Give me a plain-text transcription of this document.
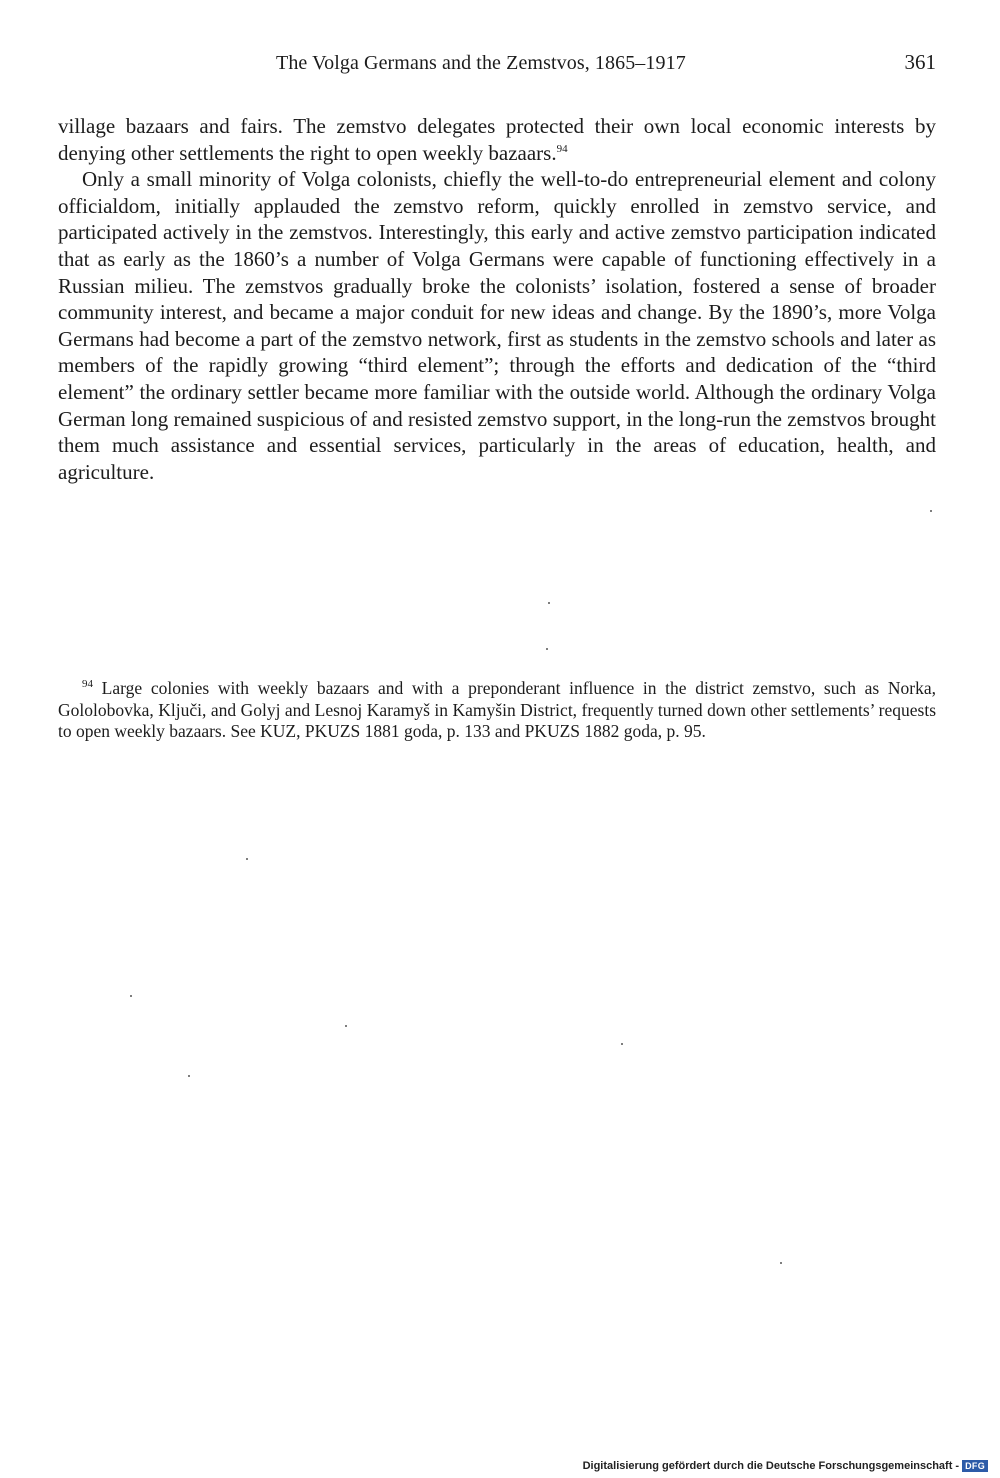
The Volga Germans and the Zemstvos, 1865–1917	361

village bazaars and fairs. The zemstvo delegates protected their own local economic interests by denying other settlements the right to open weekly bazaars.$^{94}$

Only a small minority of Volga colonists, chiefly the well-to-do entrepreneurial element and colony officialdom, initially applauded the zemstvo reform, quickly enrolled in zemstvo service, and participated actively in the zemstvos. Interestingly, this early and active zemstvo participation indicated that as early as the 1860’s a number of Volga Germans were capable of functioning effectively in a Russian milieu. The zemstvos gradually broke the colonists’ isolation, fostered a sense of broader community interest, and became a major conduit for new ideas and change. By the 1890’s, more Volga Germans had become a part of the zemstvo network, first as students in the zemstvo schools and later as members of the rapidly growing “third element”; through the efforts and dedication of the “third element” the ordinary settler became more familiar with the outside world. Although the ordinary Volga German long remained suspicious of and resisted zemstvo support, in the long-run the zemstvos brought them much assistance and essential services, particularly in the areas of education, health, and agriculture.

$^{94}$ Large colonies with weekly bazaars and with a preponderant influence in the district zemstvo, such as Norka, Gololobovka, Ključi, and Golyj and Lesnoj Karamyš in Kamyšin District, frequently turned down other settlements’ requests to open weekly bazaars. See KUZ, PKUZS 1881 goda, p. 133 and PKUZS 1882 goda, p. 95.

Digitalisierung gefördert durch die Deutsche Forschungsgemeinschaft - DFG
